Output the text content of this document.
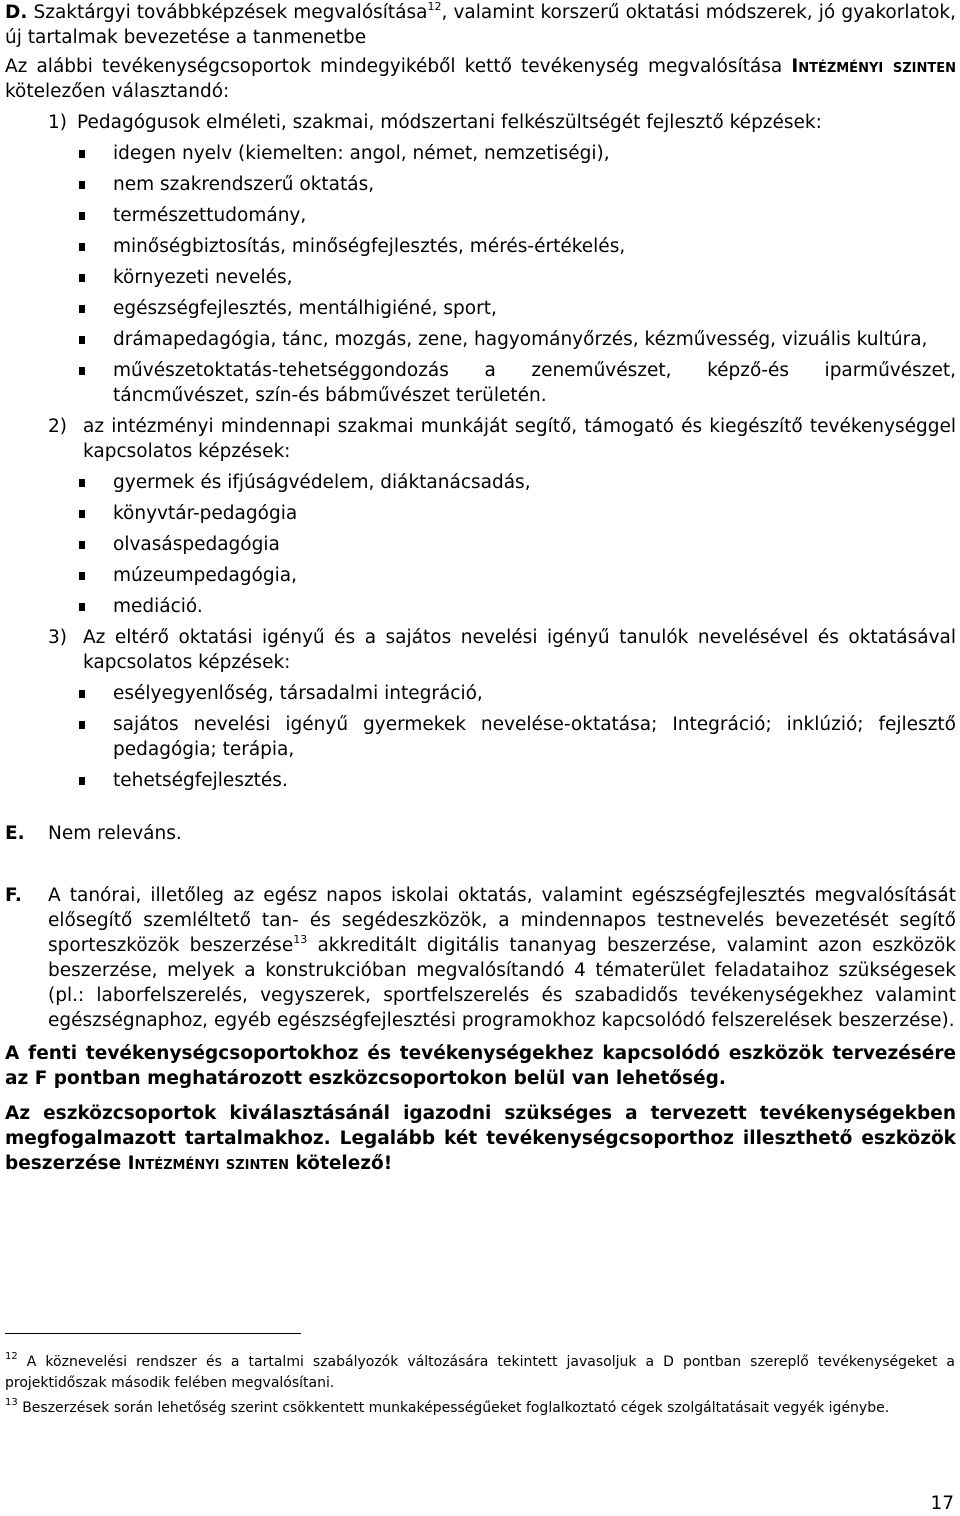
D. Szaktárgyi továbbképzések megvalósítása$^{12}$, valamint korszerű oktatási módszerek, jó gyakorlatok, új tartalmak bevezetése a tanmenetbe

Az alábbi tevékenységcsoportok mindegyikéből kettő tevékenység megvalósítása Intézményi szinten kötelezően választandó:

1) Pedagógusok elméleti, szakmai, módszertani felkészültségét fejlesztő képzések:

idegen nyelv (kiemelten: angol, német, nemzetiségi),
nem szakrendszerű oktatás,
természettudomány,
minőségbiztosítás, minőségfejlesztés, mérés-értékelés,
környezeti nevelés,
egészségfejlesztés, mentálhigiéné, sport,
drámapedagógia, tánc, mozgás, zene, hagyományőrzés, kézművesség, vizuális kultúra,
művészetoktatás-tehetséggondozás a zeneművészet, képző-és iparművészet, táncművészet, szín-és bábművészet területén.

2) az intézményi mindennapi szakmai munkáját segítő, támogató és kiegészítő tevékenységgel kapcsolatos képzések:

gyermek és ifjúságvédelem, diáktanácsadás,
könyvtár-pedagógia
olvasáspedagógia
múzeumpedagógia,
mediáció.

3) Az eltérő oktatási igényű és a sajátos nevelési igényű tanulók nevelésével és oktatásával kapcsolatos képzések:

esélyegyenlőség, társadalmi integráció,
sajátos nevelési igényű gyermekek nevelése-oktatása; Integráció; inklúzió; fejlesztő pedagógia; terápia,
tehetségfejlesztés.

E. Nem releváns.

F. A tanórai, illetőleg az egész napos iskolai oktatás, valamint egészségfejlesztés megvalósítását elősegítő szemléltető tan- és segédeszközök, a mindennapos testnevelés bevezetését segítő sporteszközök beszerzése$^{13}$ akkreditált digitális tananyag beszerzése, valamint azon eszközök beszerzése, melyek a konstrukcióban megvalósítandó 4 tématerület feladataihoz szükségesek (pl.: laborfelszerelés, vegyszerek, sportfelszerelés és szabadidős tevékenységekhez valamint egészségnaphoz, egyéb egészségfejlesztési programokhoz kapcsolódó felszerelések beszerzése).

A fenti tevékenységcsoportokhoz és tevékenységekhez kapcsolódó eszközök tervezésére az F pontban meghatározott eszközcsoportokon belül van lehetőség.

Az eszközcsoportok kiválasztásánál igazodni szükséges a tervezett tevékenységekben megfogalmazott tartalmakhoz. Legalább két tevékenységcsoporthoz illeszthető eszközök beszerzése Intézményi szinten kötelező!

$^{12}$ A köznevelési rendszer és a tartalmi szabályozók változására tekintett javasoljuk a D pontban szereplő tevékenységeket a projektidőszak második felében megvalósítani.

$^{13}$ Beszerzések során lehetőség szerint csökkentett munkaképességűeket foglalkoztató cégek szolgáltatásait vegyék igénybe.

17
